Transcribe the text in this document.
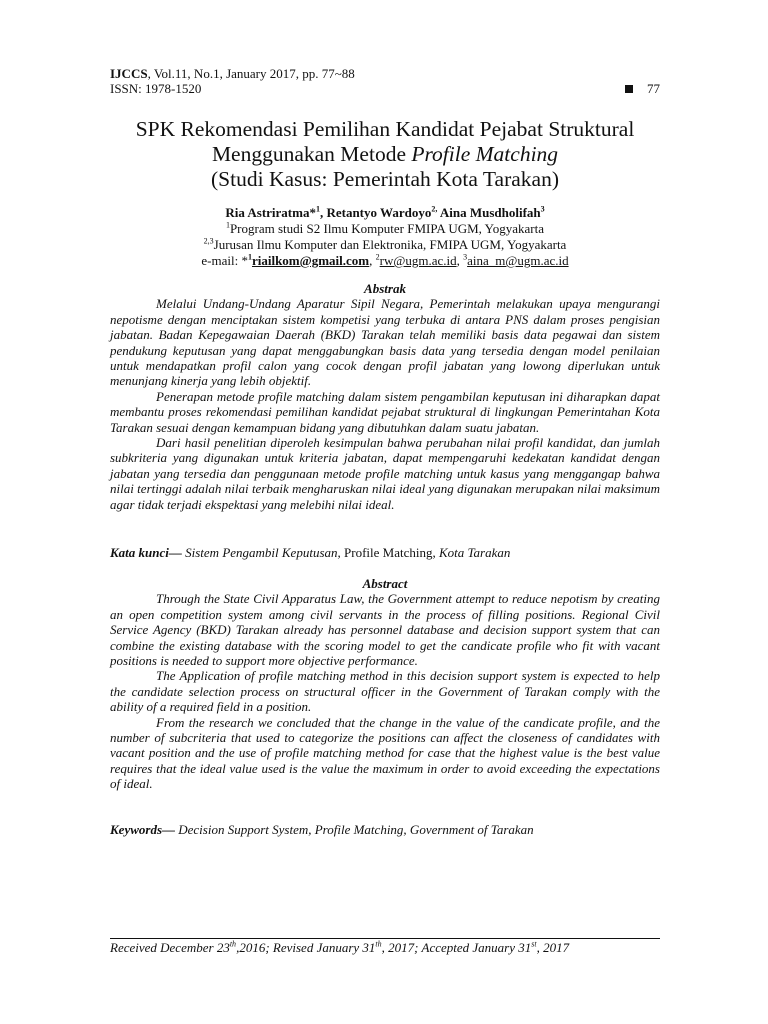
IJCCS, Vol.11, No.1, January 2017, pp. 77~88
ISSN: 1978-1520	77
SPK Rekomendasi Pemilihan Kandidat Pejabat Struktural
Menggunakan Metode Profile Matching
(Studi Kasus: Pemerintah Kota Tarakan)
Ria Astriratma*$^1$, Retantyo Wardoyo$^{2,}$ Aina Musdholifah$^3$
$^1$Program studi S2 Ilmu Komputer FMIPA UGM, Yogyakarta
$^{2,3}$Jurusan Ilmu Komputer dan Elektronika, FMIPA UGM, Yogyakarta
e-mail: *$^1$riailkom@gmail.com, $^2$rw@ugm.ac.id, $^3$aina_m@ugm.ac.id
Abstrak

Melalui Undang-Undang Aparatur Sipil Negara, Pemerintah melakukan upaya mengurangi nepotisme dengan menciptakan sistem kompetisi yang terbuka di antara PNS dalam proses pengisian jabatan. Badan Kepegawaian Daerah (BKD) Tarakan telah memiliki basis data pegawai dan sistem pendukung keputusan yang dapat menggabungkan basis data yang tersedia dengan model penilaian untuk mendapatkan profil calon yang cocok dengan profil jabatan yang lowong diperlukan untuk menunjang kinerja yang lebih objektif.

Penerapan metode profile matching dalam sistem pengambilan keputusan ini diharapkan dapat membantu proses rekomendasi pemilihan kandidat pejabat struktural di lingkungan Pemerintahan Kota Tarakan sesuai dengan kemampuan bidang yang dibutuhkan dalam suatu jabatan.

Dari hasil penelitian diperoleh kesimpulan bahwa perubahan nilai profil kandidat, dan jumlah subkriteria yang digunakan untuk kriteria jabatan, dapat mempengaruhi kedekatan kandidat dengan jabatan yang tersedia dan penggunaan metode profile matching untuk kasus yang menggangap bahwa nilai tertinggi adalah nilai terbaik mengharuskan nilai ideal yang digunakan merupakan nilai maksimum agar tidak terjadi ekspektasi yang melebihi nilai ideal.

Kata kunci— Sistem Pengambil Keputusan, Profile Matching, Kota Tarakan
Abstract

Through the State Civil Apparatus Law, the Government attempt to reduce nepotism by creating an open competition system among civil servants in the process of filling positions. Regional Civil Service Agency (BKD) Tarakan already has personnel database and decision support system that can combine the existing database with the scoring model to get the candicate profile who fit with vacant positions is needed to support more objective performance.

The Application of profile matching method in this decision support system is expected to help the candidate selection process on structural officer in the Government of Tarakan comply with the ability of a required field in a position.

From the research we concluded that the change in the value of the candicate profile, and the number of subcriteria that used to categorize the positions can affect the closeness of candidates with vacant position and the use of profile matching method for case that the highest value is the best value requires that the ideal value used is the value the maximum in order to avoid exceeding the expectations of ideal.

Keywords— Decision Support System, Profile Matching, Government of Tarakan
Received December 23th,2016; Revised January 31th, 2017; Accepted January 31st, 2017
